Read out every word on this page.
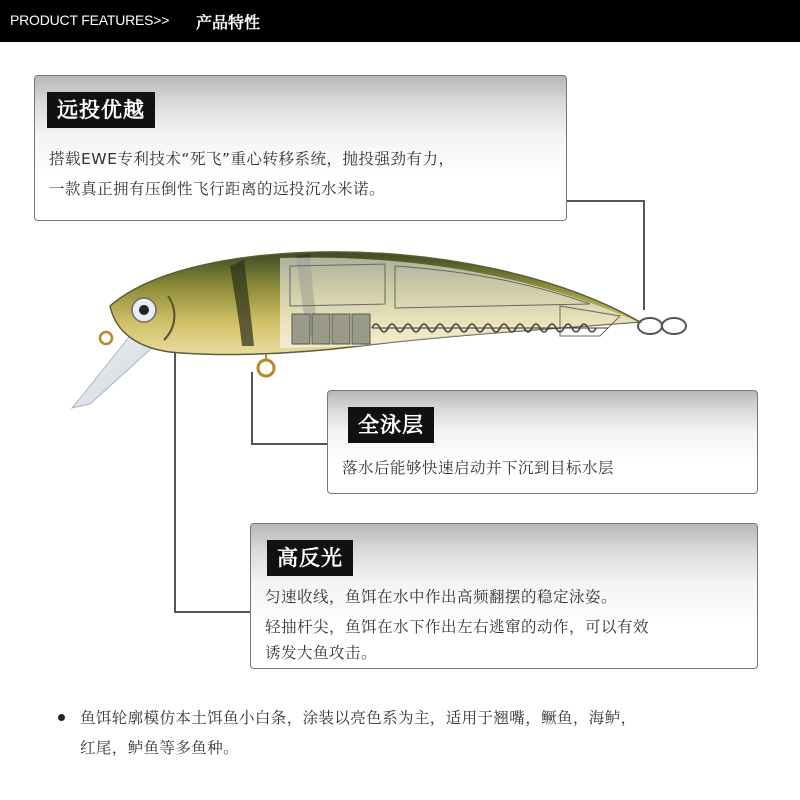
PRODUCT FEATURES>> 产品特性
远投优越
搭载EWE专利技术“死飞”重心转移系统，抛投强劲有力，
一款真正拥有压倒性飞行距离的远投沉水米诺。
全泳层
落水后能够快速启动并下沉到目标水层
高反光
匀速收线，鱼饵在水中作出高频翻摆的稳定泳姿。
轻抽杆尖，鱼饵在水下作出左右逃窜的动作，可以有效
诱发大鱼攻击。
鱼饵轮廓模仿本土饵鱼小白条，涂装以亮色系为主，适用于翘嘴，鳜鱼，海鲈，
红尾，鲈鱼等多鱼种。
